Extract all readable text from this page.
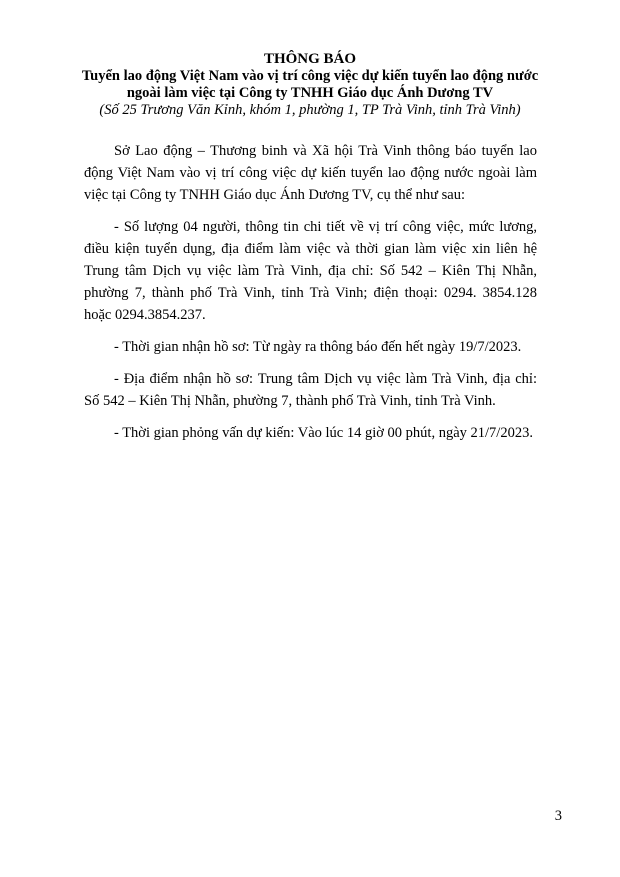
THÔNG BÁO

Tuyển lao động Việt Nam vào vị trí công việc dự kiến tuyển lao động nước

ngoài làm việc tại Công ty TNHH Giáo dục Ánh Dương TV

(Số 25 Trương Văn Kỉnh, khóm 1, phường 1, TP Trà Vinh, tỉnh Trà Vinh)

Sở Lao động – Thương binh và Xã hội Trà Vinh thông báo tuyển lao động Việt Nam vào vị trí công việc dự kiến tuyển lao động nước ngoài làm việc tại Công ty TNHH Giáo dục Ánh Dương TV, cụ thể như sau:

- Số lượng 04 người, thông tin chi tiết về vị trí công việc, mức lương, điều kiện tuyển dụng, địa điểm làm việc và thời gian làm việc xin liên hệ Trung tâm Dịch vụ việc làm Trà Vinh, địa chỉ: Số 542 – Kiên Thị Nhẫn, phường 7, thành phố Trà Vinh, tỉnh Trà Vinh; điện thoại: 0294. 3854.128 hoặc 0294.3854.237.

- Thời gian nhận hồ sơ: Từ ngày ra thông báo đến hết ngày 19/7/2023.

- Địa điểm nhận hồ sơ: Trung tâm Dịch vụ việc làm Trà Vinh, địa chỉ: Số 542 – Kiên Thị Nhẫn, phường 7, thành phố Trà Vinh, tỉnh Trà Vinh.

- Thời gian phỏng vấn dự kiến: Vào lúc 14 giờ 00 phút, ngày 21/7/2023.

3
